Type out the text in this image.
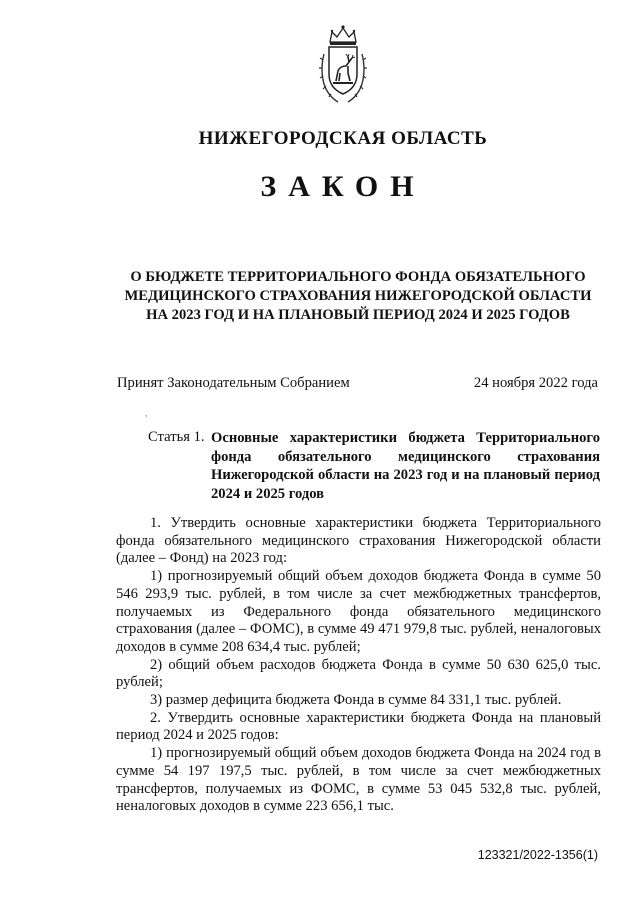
НИЖЕГОРОДСКАЯ ОБЛАСТЬ
ЗАКОН
О БЮДЖЕТЕ ТЕРРИТОРИАЛЬНОГО ФОНДА ОБЯЗАТЕЛЬНОГО МЕДИЦИНСКОГО СТРАХОВАНИЯ НИЖЕГОРОДСКОЙ ОБЛАСТИ НА 2023 ГОД И НА ПЛАНОВЫЙ ПЕРИОД 2024 И 2025 ГОДОВ
Принят Законодательным Собранием	24 ноября 2022 года
,
Статья 1. Основные характеристики бюджета Территориального фонда обязательного медицинского страхования Нижегородской области на 2023 год и на плановый период 2024 и 2025 годов

1. Утвердить основные характеристики бюджета Территориального фонда обязательного медицинского страхования Нижегородской области (далее – Фонд) на 2023 год:

1) прогнозируемый общий объем доходов бюджета Фонда в сумме 50 546 293,9 тыс. рублей, в том числе за счет межбюджетных трансфертов, получаемых из Федерального фонда обязательного медицинского страхования (далее – ФОМС), в сумме 49 471 979,8 тыс. рублей, неналоговых доходов в сумме 208 634,4 тыс. рублей;

2) общий объем расходов бюджета Фонда в сумме 50 630 625,0 тыс. рублей;

3) размер дефицита бюджета Фонда в сумме 84 331,1 тыс. рублей.

2. Утвердить основные характеристики бюджета Фонда на плановый период 2024 и 2025 годов:

1) прогнозируемый общий объем доходов бюджета Фонда на 2024 год в сумме 54 197 197,5 тыс. рублей, в том числе за счет межбюджетных трансфертов, получаемых из ФОМС, в сумме 53 045 532,8 тыс. рублей, неналоговых доходов в сумме 223 656,1 тыс.

123321/2022-1356(1)
